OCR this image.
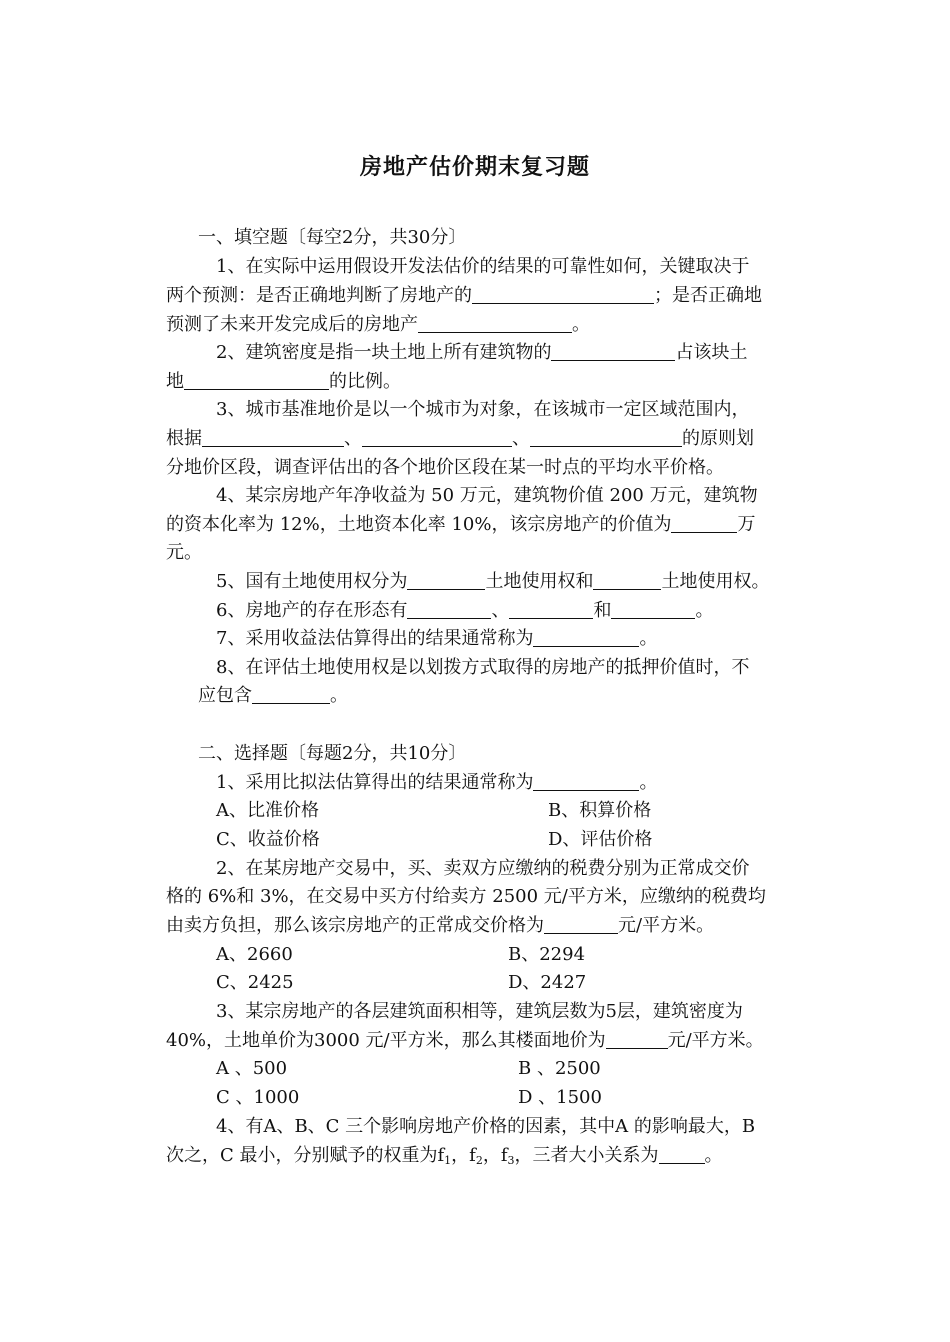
房地产估价期末复习题
一、填空题〔每空2分，共30分〕
1、在实际中运用假设开发法估价的结果的可靠性如何，关键取决于
两个预测：是否正确地判断了房地产的	；是否正确地
预测了未来开发完成后的房地产	。
2、建筑密度是指一块土地上所有建筑物的	占该块土
地	的比例。
3、城市基准地价是以一个城市为对象，在该城市一定区域范围内，
根据	、	、	的原则划
分地价区段，调查评估出的各个地价区段在某一时点的平均水平价格。
4、某宗房地产年净收益为 50 万元，建筑物价值 200 万元，建筑物
的资本化率为 12%，土地资本化率 10%，该宗房地产的价值为	万
元。
5、国有土地使用权分为	土地使用权和	土地使用权。
6、房地产的存在形态有	、	和	。
7、采用收益法估算得出的结果通常称为	。
8、在评估土地使用权是以划拨方式取得的房地产的抵押价值时，不
应包含	。
二、选择题〔每题2分，共10分〕
1、采用比拟法估算得出的结果通常称为	。
A、比准价格	B、积算价格
C、收益价格	D、评估价格
2、在某房地产交易中，买、卖双方应缴纳的税费分别为正常成交价
格的 6%和 3%，在交易中买方付给卖方 2500 元/平方米，应缴纳的税费均
由卖方负担，那么该宗房地产的正常成交价格为	元/平方米。
A、2660	B、2294
C、2425	D、2427
3、某宗房地产的各层建筑面积相等，建筑层数为5层，建筑密度为
40%，土地单价为3000 元/平方米，那么其楼面地价为	元/平方米。
A 、500	B 、2500
C 、1000	D 、1500
4、有A、B、C 三个影响房地产价格的因素，其中A 的影响最大，B
次之，C 最小，分别赋予的权重为$f_1$，$f_2$，$f_3$，三者大小关系为	。
